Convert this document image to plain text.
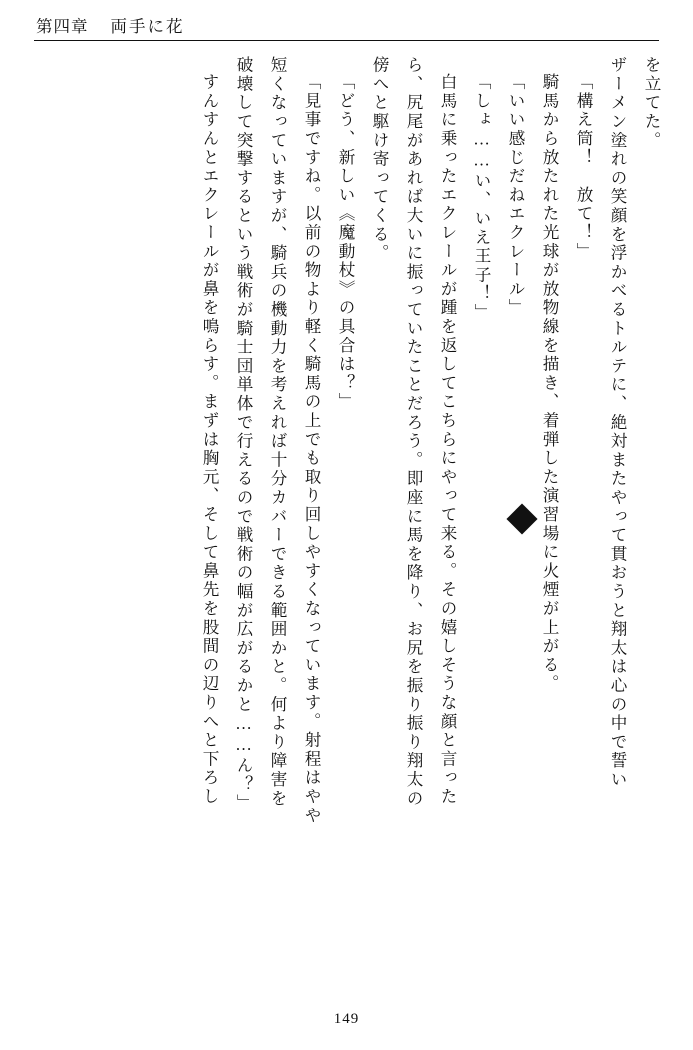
第四章 両手に花
を立てた。
ザーメン塗れの笑顔を浮かべるトルテに、絶対またやって貫おうと翔太は心の中で誓い
「構え筒！　放て！」
騎馬から放たれた光球が放物線を描き、着弾した演習場に火煙が上がる。
「いい感じだねエクレール」
「しょ……い、いえ王子！」
白馬に乗ったエクレールが踵を返してこちらにやって来る。その嬉しそうな顔と言った
ら、尻尾があれば大いに振っていたことだろう。即座に馬を降り、お尻を振り振り翔太の
傍へと駆け寄ってくる。
「どう、新しい《魔動杖》の具合は？」
「見事ですね。以前の物より軽く騎馬の上でも取り回しやすくなっています。射程はやや
短くなっていますが、騎兵の機動力を考えれば十分カバーできる範囲かと。何より障害を
破壊して突撃するという戦術が騎士団単体で行えるので戦術の幅が広がるかと……ん？」
すんすんとエクレールが鼻を鳴らす。まずは胸元、そして鼻先を股間の辺りへと下ろし
149
